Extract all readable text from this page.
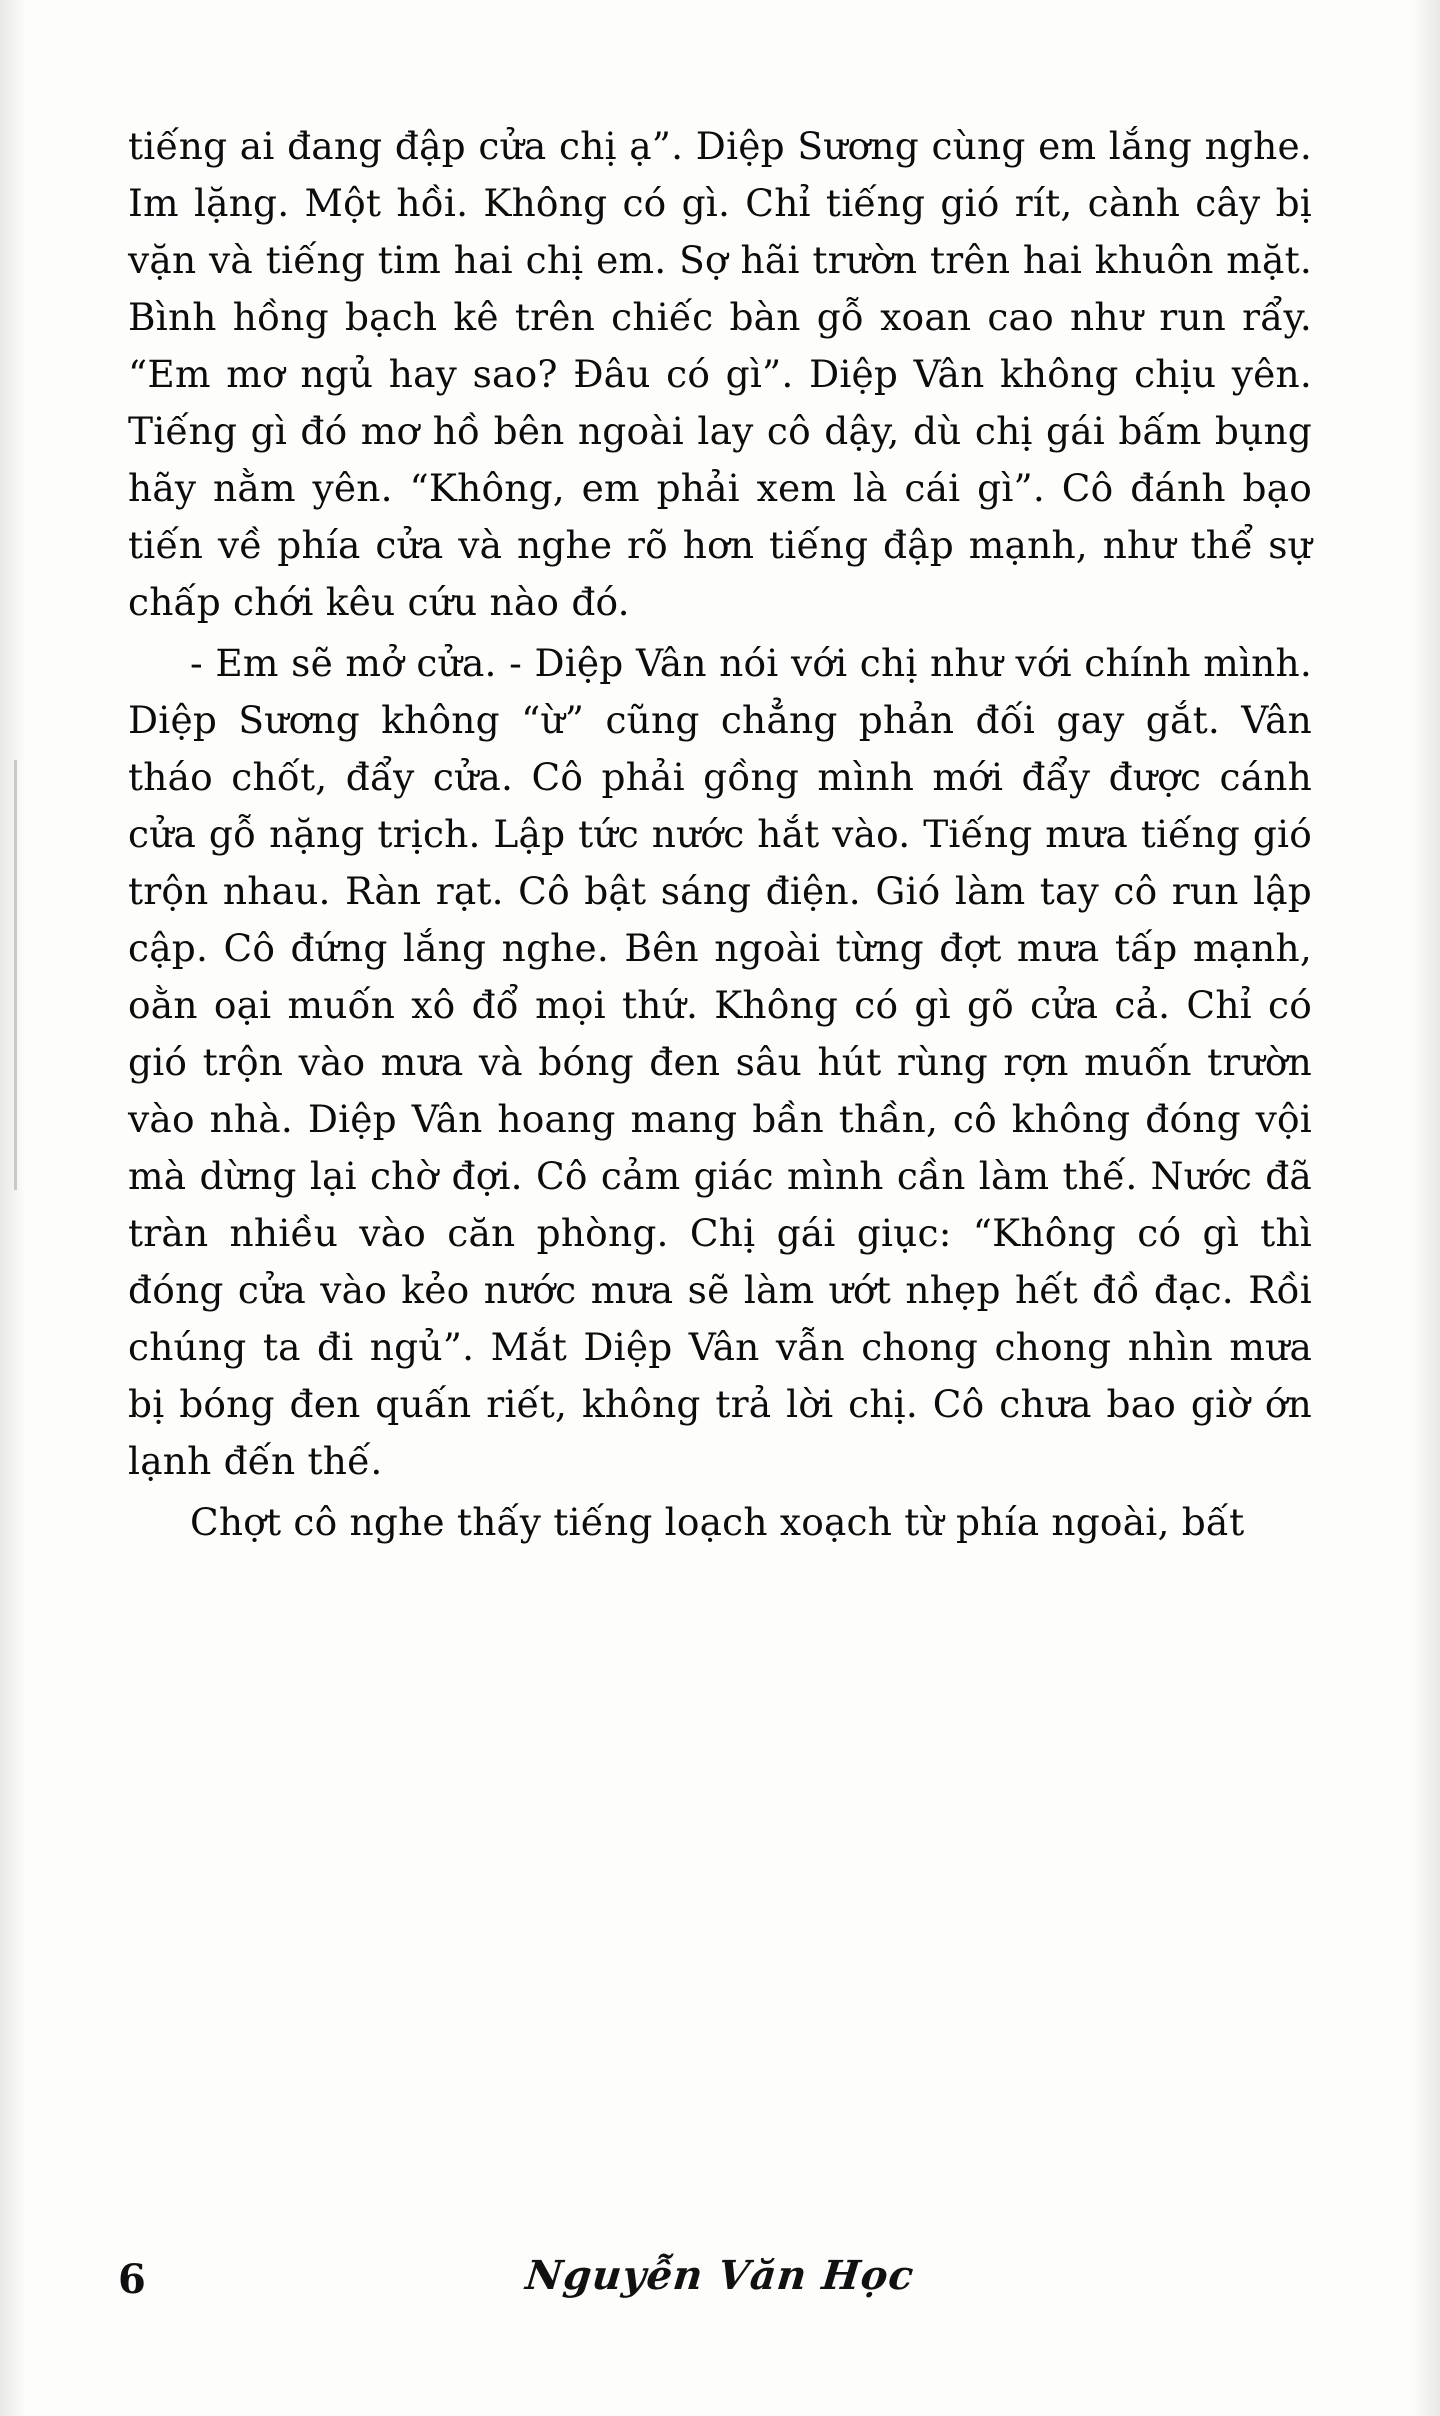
tiếng ai đang đập cửa chị ạ”. Diệp Sương cùng em lắng nghe. Im lặng. Một hồi. Không có gì. Chỉ tiếng gió rít, cành cây bị vặn và tiếng tim hai chị em. Sợ hãi trườn trên hai khuôn mặt. Bình hồng bạch kê trên chiếc bàn gỗ xoan cao như run rẩy. “Em mơ ngủ hay sao? Đâu có gì”. Diệp Vân không chịu yên. Tiếng gì đó mơ hồ bên ngoài lay cô dậy, dù chị gái bấm bụng hãy nằm yên. “Không, em phải xem là cái gì”. Cô đánh bạo tiến về phía cửa và nghe rõ hơn tiếng đập mạnh, như thể sự chấp chới kêu cứu nào đó.

- Em sẽ mở cửa. - Diệp Vân nói với chị như với chính mình. Diệp Sương không “ừ” cũng chẳng phản đối gay gắt. Vân tháo chốt, đẩy cửa. Cô phải gồng mình mới đẩy được cánh cửa gỗ nặng trịch. Lập tức nước hắt vào. Tiếng mưa tiếng gió trộn nhau. Ràn rạt. Cô bật sáng điện. Gió làm tay cô run lập cập. Cô đứng lắng nghe. Bên ngoài từng đợt mưa tấp mạnh, oằn oại muốn xô đổ mọi thứ. Không có gì gõ cửa cả. Chỉ có gió trộn vào mưa và bóng đen sâu hút rùng rợn muốn trườn vào nhà. Diệp Vân hoang mang bần thần, cô không đóng vội mà dừng lại chờ đợi. Cô cảm giác mình cần làm thế. Nước đã tràn nhiều vào căn phòng. Chị gái giục: “Không có gì thì đóng cửa vào kẻo nước mưa sẽ làm ướt nhẹp hết đồ đạc. Rồi chúng ta đi ngủ”. Mắt Diệp Vân vẫn chong chong nhìn mưa bị bóng đen quấn riết, không trả lời chị. Cô chưa bao giờ ớn lạnh đến thế.

Chợt cô nghe thấy tiếng loạch xoạch từ phía ngoài, bất

6	Nguyễn Văn Học
